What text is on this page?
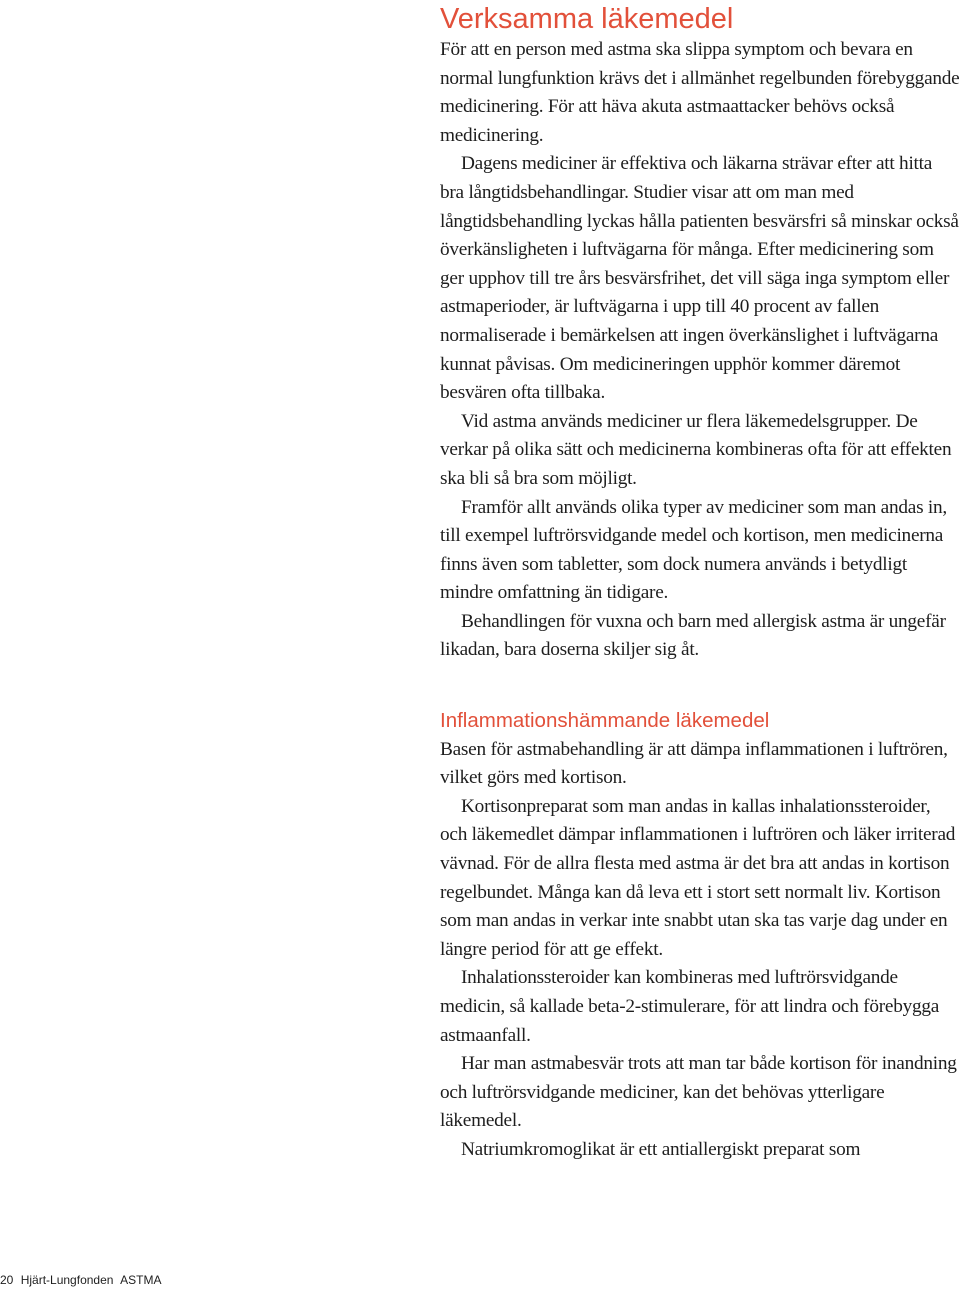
Verksamma läkemedel

För att en person med astma ska slippa symptom och bevara en normal lungfunktion krävs det i allmänhet regelbunden förebyggande medicinering. För att häva akuta astmaattacker behövs också medicinering.

Dagens mediciner är effektiva och läkarna strävar efter att hitta bra långtidsbehandlingar. Studier visar att om man med långtidsbehandling lyckas hålla patienten besvärsfri så minskar också överkänsligheten i luftvägarna för många. Efter medicinering som ger upphov till tre års besvärsfrihet, det vill säga inga symptom eller astmaperioder, är luftvägarna i upp till 40 procent av fallen normaliserade i bemärkelsen att ingen överkänslighet i luftvägarna kunnat påvisas. Om medicineringen upphör kommer däremot besvären ofta tillbaka.

Vid astma används mediciner ur flera läkemedelsgrupper. De verkar på olika sätt och medicinerna kombineras ofta för att effekten ska bli så bra som möjligt.

Framför allt används olika typer av mediciner som man andas in, till exempel luftrörsvidgande medel och kortison, men medicinerna finns även som tabletter, som dock numera används i betydligt mindre omfattning än tidigare.

Behandlingen för vuxna och barn med allergisk astma är ungefär likadan, bara doserna skiljer sig åt.

Inflammationshämmande läkemedel

Basen för astmabehandling är att dämpa inflammationen i luftrören, vilket görs med kortison.

Kortisonpreparat som man andas in kallas inhalationssteroider, och läkemedlet dämpar inflammationen i luftrören och läker irriterad vävnad. För de allra flesta med astma är det bra att andas in kortison regelbundet. Många kan då leva ett i stort sett normalt liv. Kortison som man andas in verkar inte snabbt utan ska tas varje dag under en längre period för att ge effekt.

Inhalationssteroider kan kombineras med luftrörsvidgande medicin, så kallade beta-2-stimulerare, för att lindra och förebygga astmaanfall.

Har man astmabesvär trots att man tar både kortison för inandning och luftrörsvidgande mediciner, kan det behövas ytterligare läkemedel.

Natriumkromoglikat är ett antiallergiskt preparat som

20 Hjärt-Lungfonden ASTMA
